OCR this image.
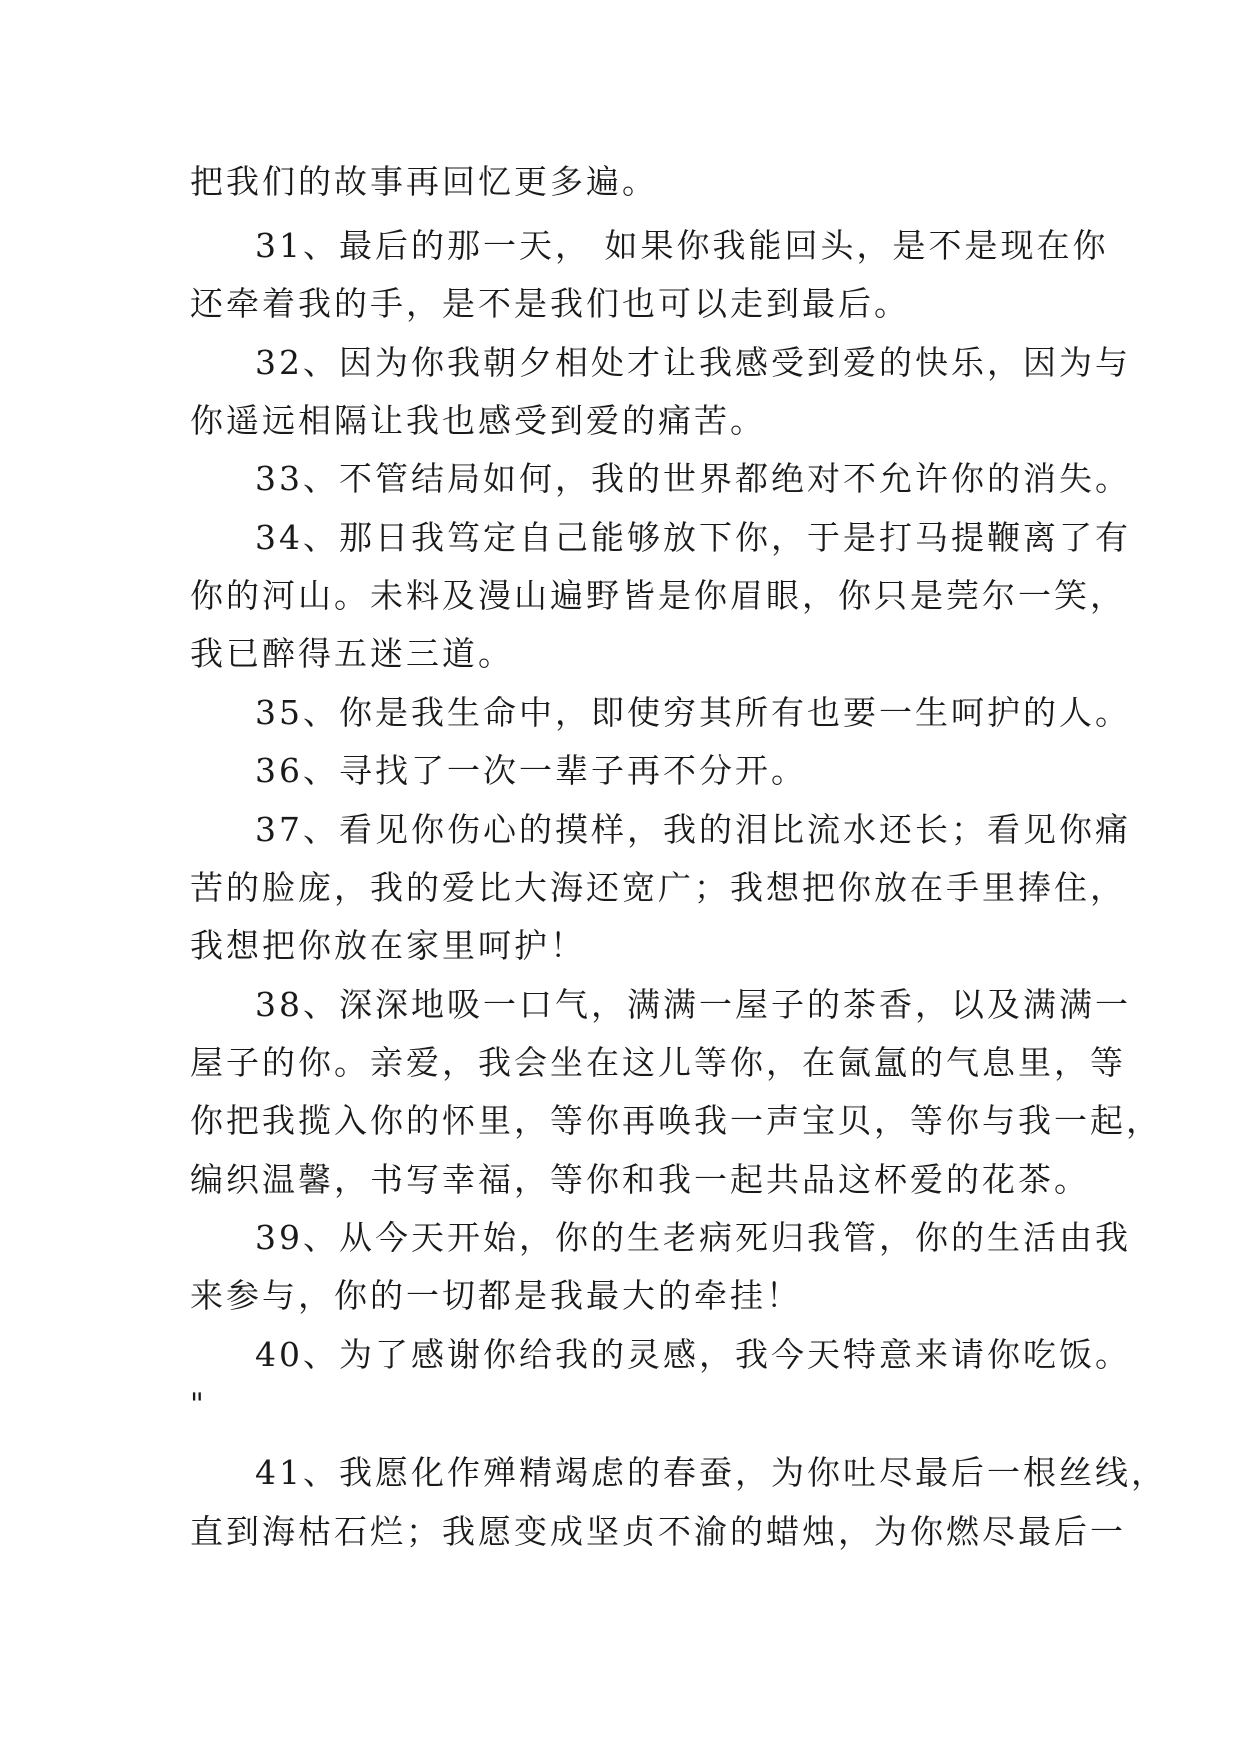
把我们的故事再回忆更多遍。
31、最后的那一天， 如果你我能回头，是不是现在你
还牵着我的手，是不是我们也可以走到最后。
32、因为你我朝夕相处才让我感受到爱的快乐，因为与
你遥远相隔让我也感受到爱的痛苦。
33、不管结局如何，我的世界都绝对不允许你的消失。
34、那日我笃定自己能够放下你，于是打马提鞭离了有
你的河山。未料及漫山遍野皆是你眉眼，你只是莞尔一笑，
我已醉得五迷三道。
35、你是我生命中，即使穷其所有也要一生呵护的人。
36、寻找了一次一辈子再不分开。
37、看见你伤心的摸样，我的泪比流水还长；看见你痛
苦的脸庞，我的爱比大海还宽广；我想把你放在手里捧住，
我想把你放在家里呵护！
38、深深地吸一口气，满满一屋子的茶香，以及满满一
屋子的你。亲爱，我会坐在这儿等你，在氤氲的气息里，等
你把我揽入你的怀里，等你再唤我一声宝贝，等你与我一起，
编织温馨，书写幸福，等你和我一起共品这杯爱的花茶。
39、从今天开始，你的生老病死归我管，你的生活由我
来参与，你的一切都是我最大的牵挂！
40、为了感谢你给我的灵感，我今天特意来请你吃饭。
"
41、我愿化作殚精竭虑的春蚕，为你吐尽最后一根丝线，
直到海枯石烂；我愿变成坚贞不渝的蜡烛，为你燃尽最后一
